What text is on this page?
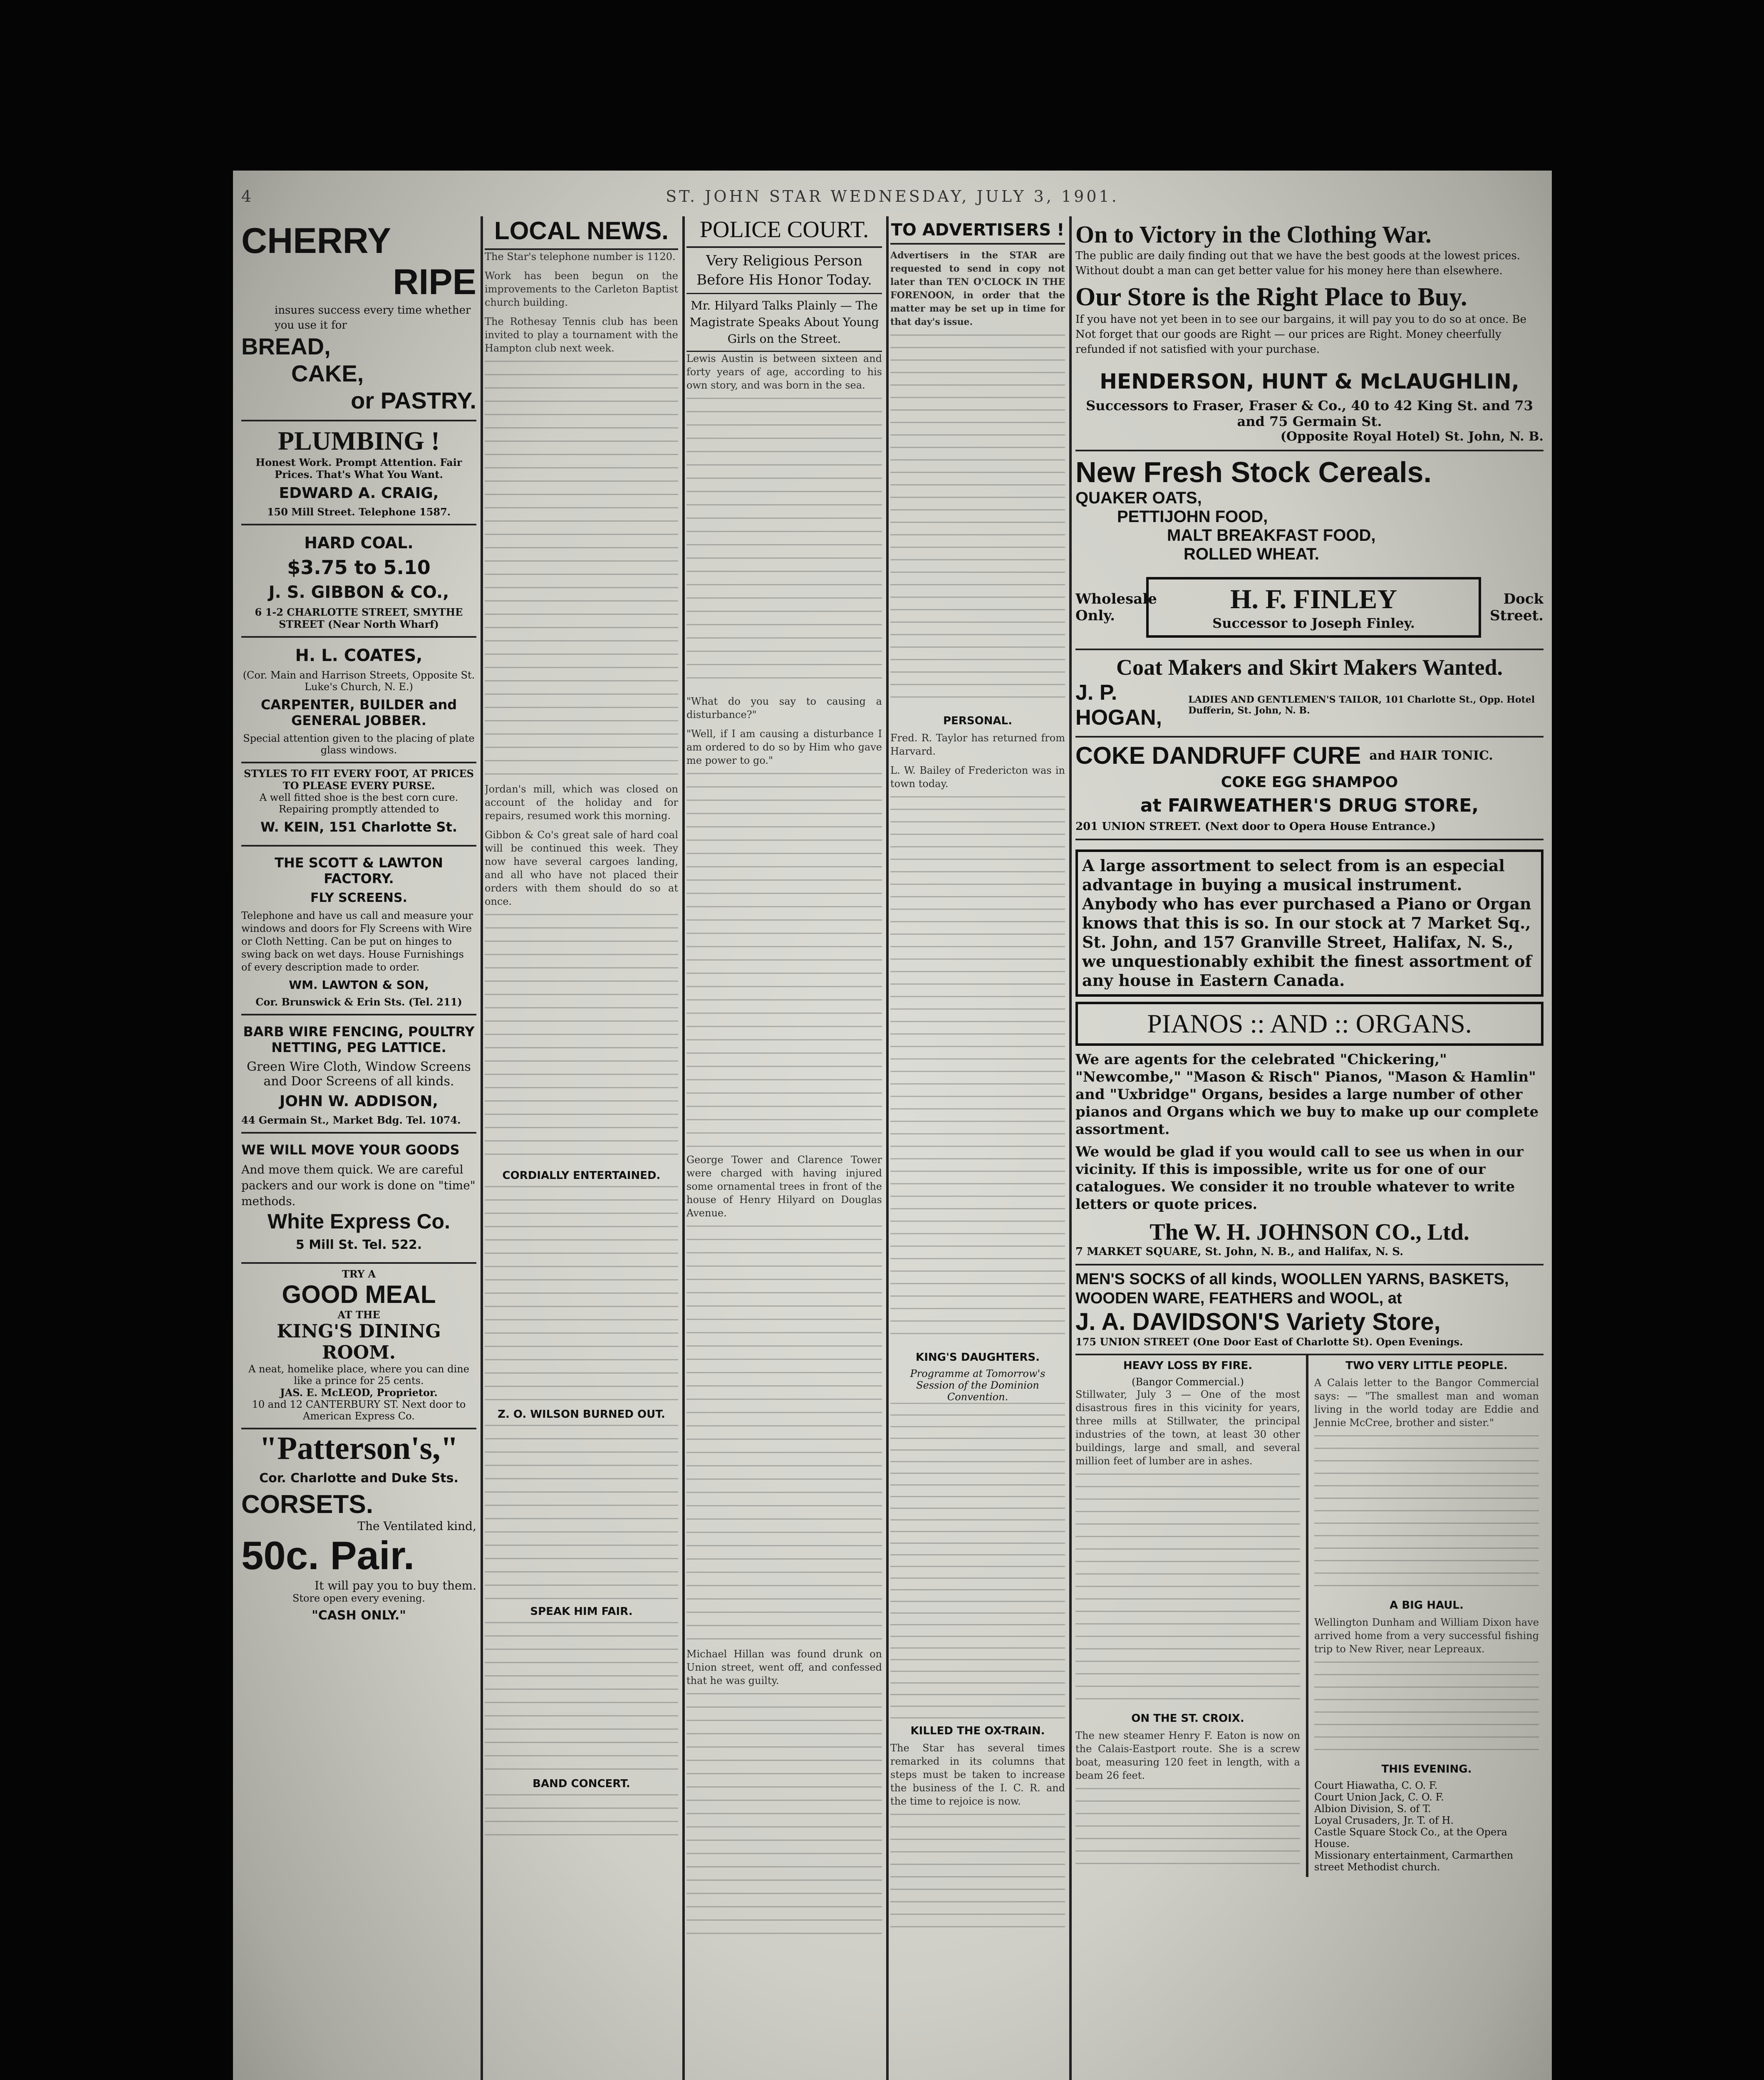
4	ST. JOHN STAR WEDNESDAY, JULY 3, 1901.
CHERRY
RIPE
insures success every time whether you use it for
BREAD,
CAKE,
or PASTRY.
PLUMBING !
Honest Work. Prompt Attention. Fair Prices. That's What You Want.
EDWARD A. CRAIG,
150 Mill Street. Telephone 1587.
HARD COAL.
$3.75 to 5.10
J. S. GIBBON & CO.,
6 1-2 CHARLOTTE STREET, SMYTHE STREET (Near North Wharf)
H. L. COATES,
(Cor. Main and Harrison Streets, Opposite St. Luke's Church, N. E.)
CARPENTER, BUILDER and GENERAL JOBBER.
Special attention given to the placing of plate glass windows.
STYLES TO FIT EVERY FOOT, AT PRICES TO PLEASE EVERY PURSE.
A well fitted shoe is the best corn cure. Repairing promptly attended to
W. KEIN, 151 Charlotte St.
THE SCOTT & LAWTON FACTORY.
FLY SCREENS.
Telephone and have us call and measure your windows and doors for Fly Screens with Wire or Cloth Netting. Can be put on hinges to swing back on wet days. House Furnishings of every description made to order.
WM. LAWTON & SON,
Cor. Brunswick & Erin Sts. (Tel. 211)
BARB WIRE FENCING, POULTRY NETTING, PEG LATTICE.
Green Wire Cloth, Window Screens and Door Screens of all kinds.
JOHN W. ADDISON,
44 Germain St., Market Bdg. Tel. 1074.
WE WILL MOVE YOUR GOODS
And move them quick. We are careful packers and our work is done on "time" methods.
White Express Co.
5 Mill St. Tel. 522.
TRY A
GOOD MEAL
AT THE
KING'S DINING ROOM.
A neat, homelike place, where you can dine like a prince for 25 cents.
JAS. E. McLEOD, Proprietor.
10 and 12 CANTERBURY ST. Next door to American Express Co.
"Patterson's,"
Cor. Charlotte and Duke Sts.
CORSETS.
The Ventilated kind,
50c. Pair.
It will pay you to buy them.
Store open every evening.
"CASH ONLY."
LOCAL NEWS.

The Star's telephone number is 1120.

Work has been begun on the improvements to the Carleton Baptist church building.

The Rothesay Tennis club has been invited to play a tournament with the Hampton club next week.

Jordan's mill, which was closed on account of the holiday and for repairs, resumed work this morning.

Gibbon & Co's great sale of hard coal will be continued this week. They now have several cargoes landing, and all who have not placed their orders with them should do so at once.

CORDIALLY ENTERTAINED.
Z. O. WILSON BURNED OUT.
SPEAK HIM FAIR.
BAND CONCERT.
POLICE COURT.
Very Religious Person Before His Honor Today.
Mr. Hilyard Talks Plainly — The Magistrate Speaks About Young Girls on the Street.

Lewis Austin is between sixteen and forty years of age, according to his own story, and was born in the sea.

"What do you say to causing a disturbance?"

"Well, if I am causing a disturbance I am ordered to do so by Him who gave me power to go."

George Tower and Clarence Tower were charged with having injured some ornamental trees in front of the house of Henry Hilyard on Douglas Avenue.

Michael Hillan was found drunk on Union street, went off, and confessed that he was guilty.

TO ADVERTISERS !

Advertisers in the STAR are requested to send in copy not later than TEN O'CLOCK IN THE FORENOON, in order that the matter may be set up in time for that day's issue.

PERSONAL.

Fred. R. Taylor has returned from Harvard.

L. W. Bailey of Fredericton was in town today.

KING'S DAUGHTERS.
Programme at Tomorrow's Session of the Dominion Convention.
KILLED THE OX-TRAIN.

The Star has several times remarked in its columns that steps must be taken to increase the business of the I. C. R. and the time to rejoice is now.

On to Victory in the Clothing War.
The public are daily finding out that we have the best goods at the lowest prices. Without doubt a man can get better value for his money here than elsewhere.
Our Store is the Right Place to Buy.
If you have not yet been in to see our bargains, it will pay you to do so at once. Be Not forget that our goods are Right — our prices are Right. Money cheerfully refunded if not satisfied with your purchase.
HENDERSON, HUNT & McLAUGHLIN,
Successors to Fraser, Fraser & Co., 40 to 42 King St. and 73 and 75 Germain St.
(Opposite Royal Hotel) St. John, N. B.
New Fresh Stock Cereals.
QUAKER OATS,
PETTIJOHN FOOD,
MALT BREAKFAST FOOD,
ROLLED WHEAT.
Wholesale Only.
H. F. FINLEY
Successor to Joseph Finley.
Dock Street.
Coat Makers and Skirt Makers Wanted.
J. P. HOGAN,
LADIES AND GENTLEMEN'S TAILOR, 101 Charlotte St., Opp. Hotel Dufferin, St. John, N. B.
COKE DANDRUFF CURE and HAIR TONIC.
COKE EGG SHAMPOO
at FAIRWEATHER'S DRUG STORE,
201 UNION STREET. (Next door to Opera House Entrance.)
A large assortment to select from is an especial advantage in buying a musical instrument. Anybody who has ever purchased a Piano or Organ knows that this is so. In our stock at 7 Market Sq., St. John, and 157 Granville Street, Halifax, N. S., we unquestionably exhibit the finest assortment of any house in Eastern Canada.
PIANOS :: AND :: ORGANS.
We are agents for the celebrated "Chickering," "Newcombe," "Mason & Risch" Pianos, "Mason & Hamlin" and "Uxbridge" Organs, besides a large number of other pianos and Organs which we buy to make up our complete assortment.
We would be glad if you would call to see us when in our vicinity. If this is impossible, write us for one of our catalogues. We consider it no trouble whatever to write letters or quote prices.
The W. H. JOHNSON CO., Ltd.
7 MARKET SQUARE, St. John, N. B., and Halifax, N. S.
MEN'S SOCKS of all kinds, WOOLLEN YARNS, BASKETS, WOODEN WARE, FEATHERS and WOOL, at
J. A. DAVIDSON'S Variety Store,
175 UNION STREET (One Door East of Charlotte St). Open Evenings.
HEAVY LOSS BY FIRE.
(Bangor Commercial.)

Stillwater, July 3 — One of the most disastrous fires in this vicinity for years, three mills at Stillwater, the principal industries of the town, at least 30 other buildings, large and small, and several million feet of lumber are in ashes.

ON THE ST. CROIX.

The new steamer Henry F. Eaton is now on the Calais-Eastport route. She is a screw boat, measuring 120 feet in length, with a beam 26 feet.

TWO VERY LITTLE PEOPLE.

A Calais letter to the Bangor Commercial says: — "The smallest man and woman living in the world today are Eddie and Jennie McCree, brother and sister."

A BIG HAUL.

Wellington Dunham and William Dixon have arrived home from a very successful fishing trip to New River, near Lepreaux.

THIS EVENING.
Court Hiawatha, C. O. F.
Court Union Jack, C. O. F.
Albion Division, S. of T.
Loyal Crusaders, Jr. T. of H.
Castle Square Stock Co., at the Opera House.
Missionary entertainment, Carmarthen street Methodist church.
